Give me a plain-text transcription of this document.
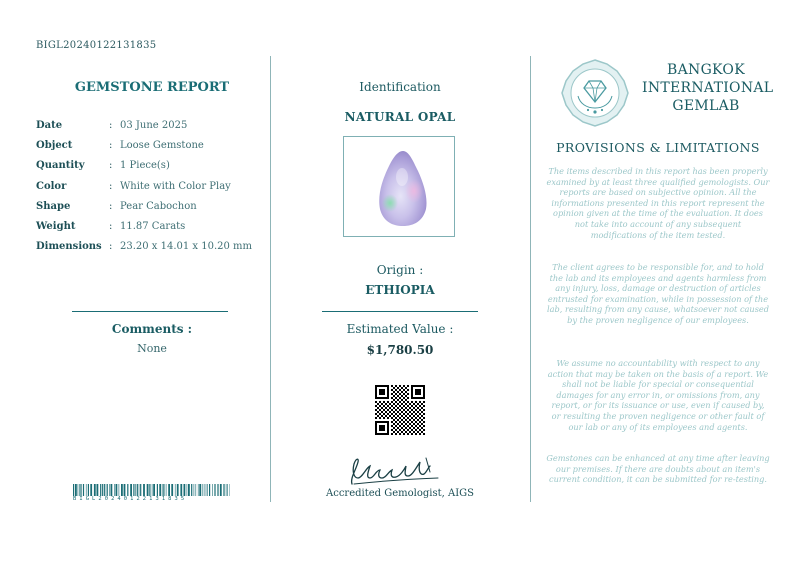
BIGL20240122131835
GEMSTONE REPORT
Date	: 03 June 2025
Object	: Loose Gemstone
Quantity : 1 Piece(s)
Color	: White with Color Play
Shape	: Pear Cabochon
Weight	: 11.87 Carats
Dimensions : 23.20 x 14.01 x 10.20 mm
Comments :
None
BIGL20240122131835
Identification
NATURAL OPAL
Origin :
ETHIOPIA
Estimated Value :
$1,780.50
Accredited Gemologist, AIGS
BANGKOK
INTERNATIONAL
GEMLAB
PROVISIONS & LIMITATIONS
The items described in this report has been properly examined by at least three qualified gemologists. Our reports are based on subjective opinion. All the informations presented in this report represent the opinion given at the time of the evaluation. It does not take into account of any subsequent modifications of the item tested.
The client agrees to be responsible for, and to hold the lab and its employees and agents harmless from any injury, loss, damage or destruction of articles entrusted for examination, while in possession of the lab, resulting from any cause, whatsoever not caused by the proven negligence of our employees.
We assume no accountability with respect to any action that may be taken on the basis of a report. We shall not be liable for special or consequential damages for any error in, or omissions from, any report, or for its issuance or use, even if caused by, or resulting the proven negligence or other fault of our lab or any of its employees and agents.
Gemstones can be enhanced at any time after leaving our premises. If there are doubts about an item's current condition, it can be submitted for re-testing.
